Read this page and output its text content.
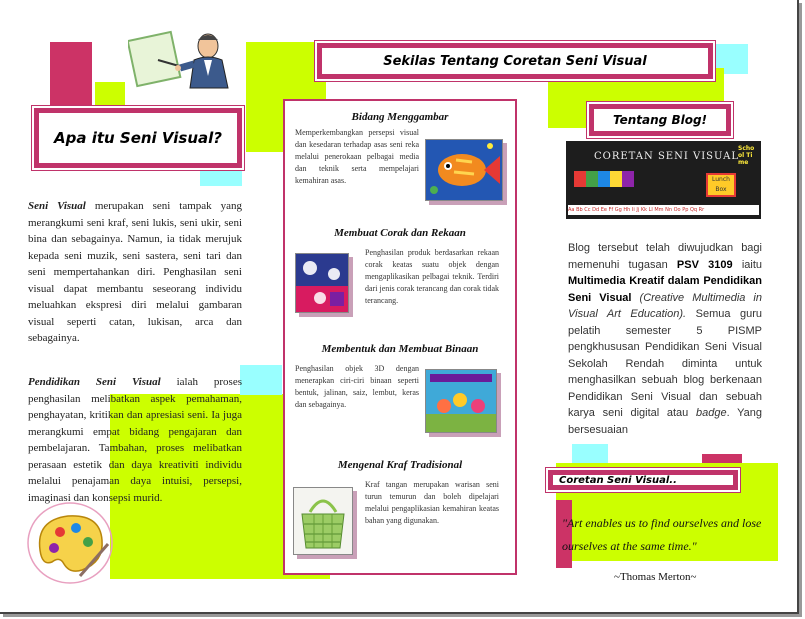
Sekilas Tentang Coretan Seni Visual
Apa itu Seni Visual?

Seni Visual merupakan seni tampak yang merangkumi seni kraf, seni lukis, seni ukir, seni bina dan sebagainya. Namun, ia tidak merujuk kepada seni muzik, seni sastera, seni tari dan seni mempertahankan diri. Penghasilan seni visual dapat membantu seseorang individu meluahkan ekspresi diri melalui gambaran visual seperti catan, lukisan, arca dan sebagainya.

Pendidikan Seni Visual ialah proses penghasilan melibatkan aspek pemahaman, penghayatan, kritikan dan apresiasi seni. Ia juga merangkumi empat bidang pengajaran dan pembelajaran. Tambahan, proses melibatkan perasaan estetik dan daya kreativiti individu melalui penajaman daya intuisi, persepsi, imaginasi dan konsepsi murid.

Bidang Menggambar
Memperkembangkan persepsi visual dan kesedaran terhadap asas seni reka melalui penerokaan pelbagai media dan teknik serta mempelajari kemahiran asas.
Membuat Corak dan Rekaan
Penghasilan produk berdasarkan rekaan corak keatas suatu objek dengan mengaplikasikan pelbagai teknik. Terdiri dari jenis corak terancang dan corak tidak terancang.
Membentuk dan Membuat Binaan
Penghasilan objek 3D dengan menerapkan ciri-ciri binaan seperti bentuk, jalinan, saiz, lembut, keras dan sebagainya.
Mengenal Kraf Tradisional
Kraf tangan merupakan warisan seni turun temurun dan boleh dipelajari melalui pengaplikasian kemahiran keatas bahan yang digunakan.
Tentang Blog!
CORETAN SENI VISUAL
School Time
Lunch Box
Aa Bb Cc Dd Ee Ff Gg Hh Ii Jj Kk Ll Mm Nn Oo Pp Qq Rr

Blog tersebut telah diwujudkan bagi memenuhi tugasan PSV 3109 iaitu Multimedia Kreatif dalam Pendidikan Seni Visual (Creative Multimedia in Visual Art Education). Semua guru pelatih semester 5 PISMP pengkhususan Pendidikan Seni Visual Sekolah Rendah diminta untuk menghasilkan sebuah blog berkenaan Pendidikan Seni Visual dan sebuah karya seni digital atau badge. Yang bersesuaian

Coretan Seni Visual..
"Art enables us to find ourselves and lose ourselves at the same time."
~Thomas Merton~
